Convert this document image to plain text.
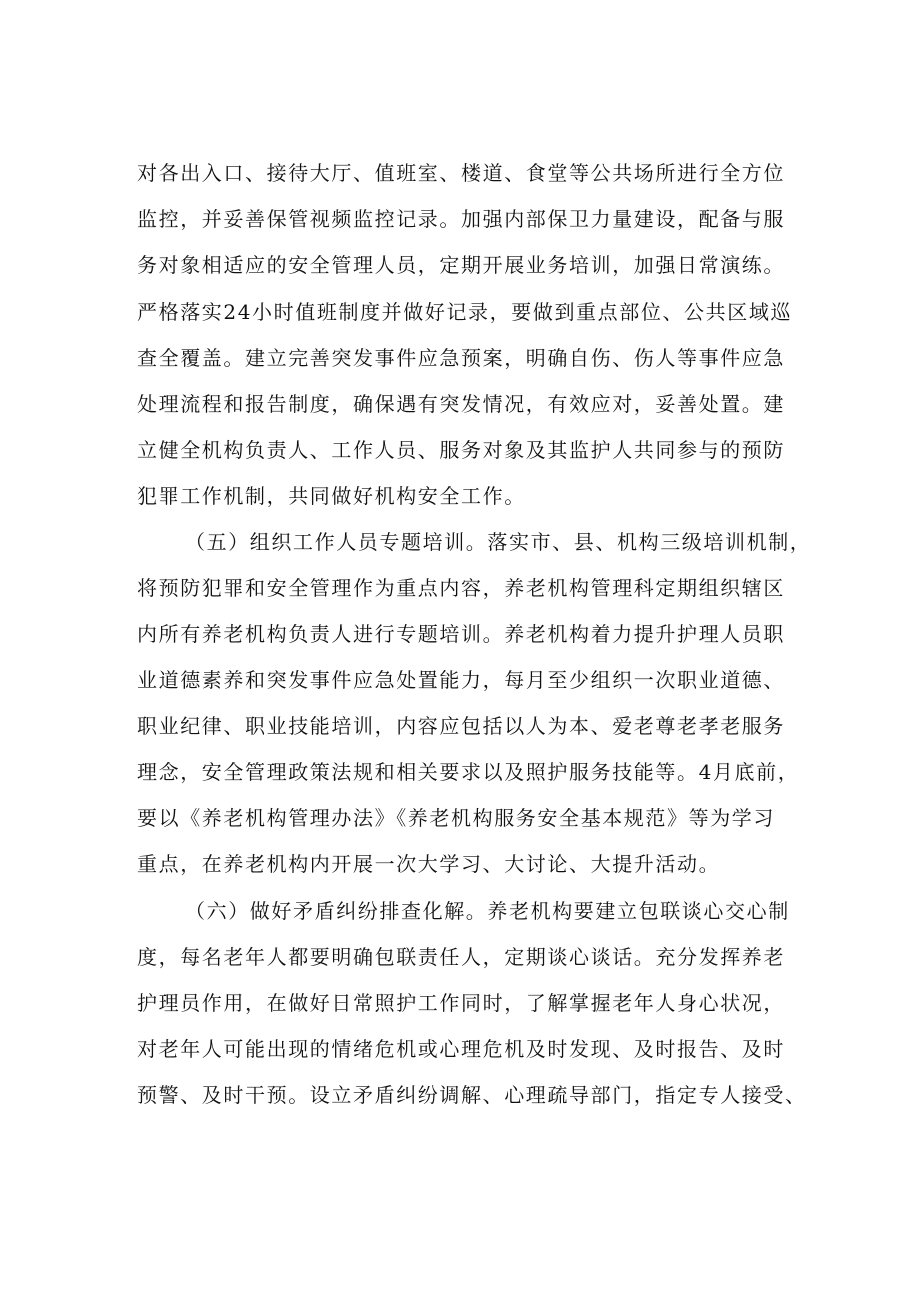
对各出入口、接待大厅、值班室、楼道、食堂等公共场所进行全方位
监控，并妥善保管视频监控记录。加强内部保卫力量建设，配备与服
务对象相适应的安全管理人员，定期开展业务培训，加强日常演练。
严格落实24小时值班制度并做好记录，要做到重点部位、公共区域巡
查全覆盖。建立完善突发事件应急预案，明确自伤、伤人等事件应急
处理流程和报告制度，确保遇有突发情况，有效应对，妥善处置。建
立健全机构负责人、工作人员、服务对象及其监护人共同参与的预防
犯罪工作机制，共同做好机构安全工作。
（五）组织工作人员专题培训。落实市、县、机构三级培训机制，
将预防犯罪和安全管理作为重点内容，养老机构管理科定期组织辖区
内所有养老机构负责人进行专题培训。养老机构着力提升护理人员职
业道德素养和突发事件应急处置能力，每月至少组织一次职业道德、
职业纪律、职业技能培训，内容应包括以人为本、爱老尊老孝老服务
理念，安全管理政策法规和相关要求以及照护服务技能等。4月底前，
要以《养老机构管理办法》《养老机构服务安全基本规范》等为学习
重点，在养老机构内开展一次大学习、大讨论、大提升活动。
（六）做好矛盾纠纷排查化解。养老机构要建立包联谈心交心制
度，每名老年人都要明确包联责任人，定期谈心谈话。充分发挥养老
护理员作用，在做好日常照护工作同时，了解掌握老年人身心状况，
对老年人可能出现的情绪危机或心理危机及时发现、及时报告、及时
预警、及时干预。设立矛盾纠纷调解、心理疏导部门，指定专人接受、
